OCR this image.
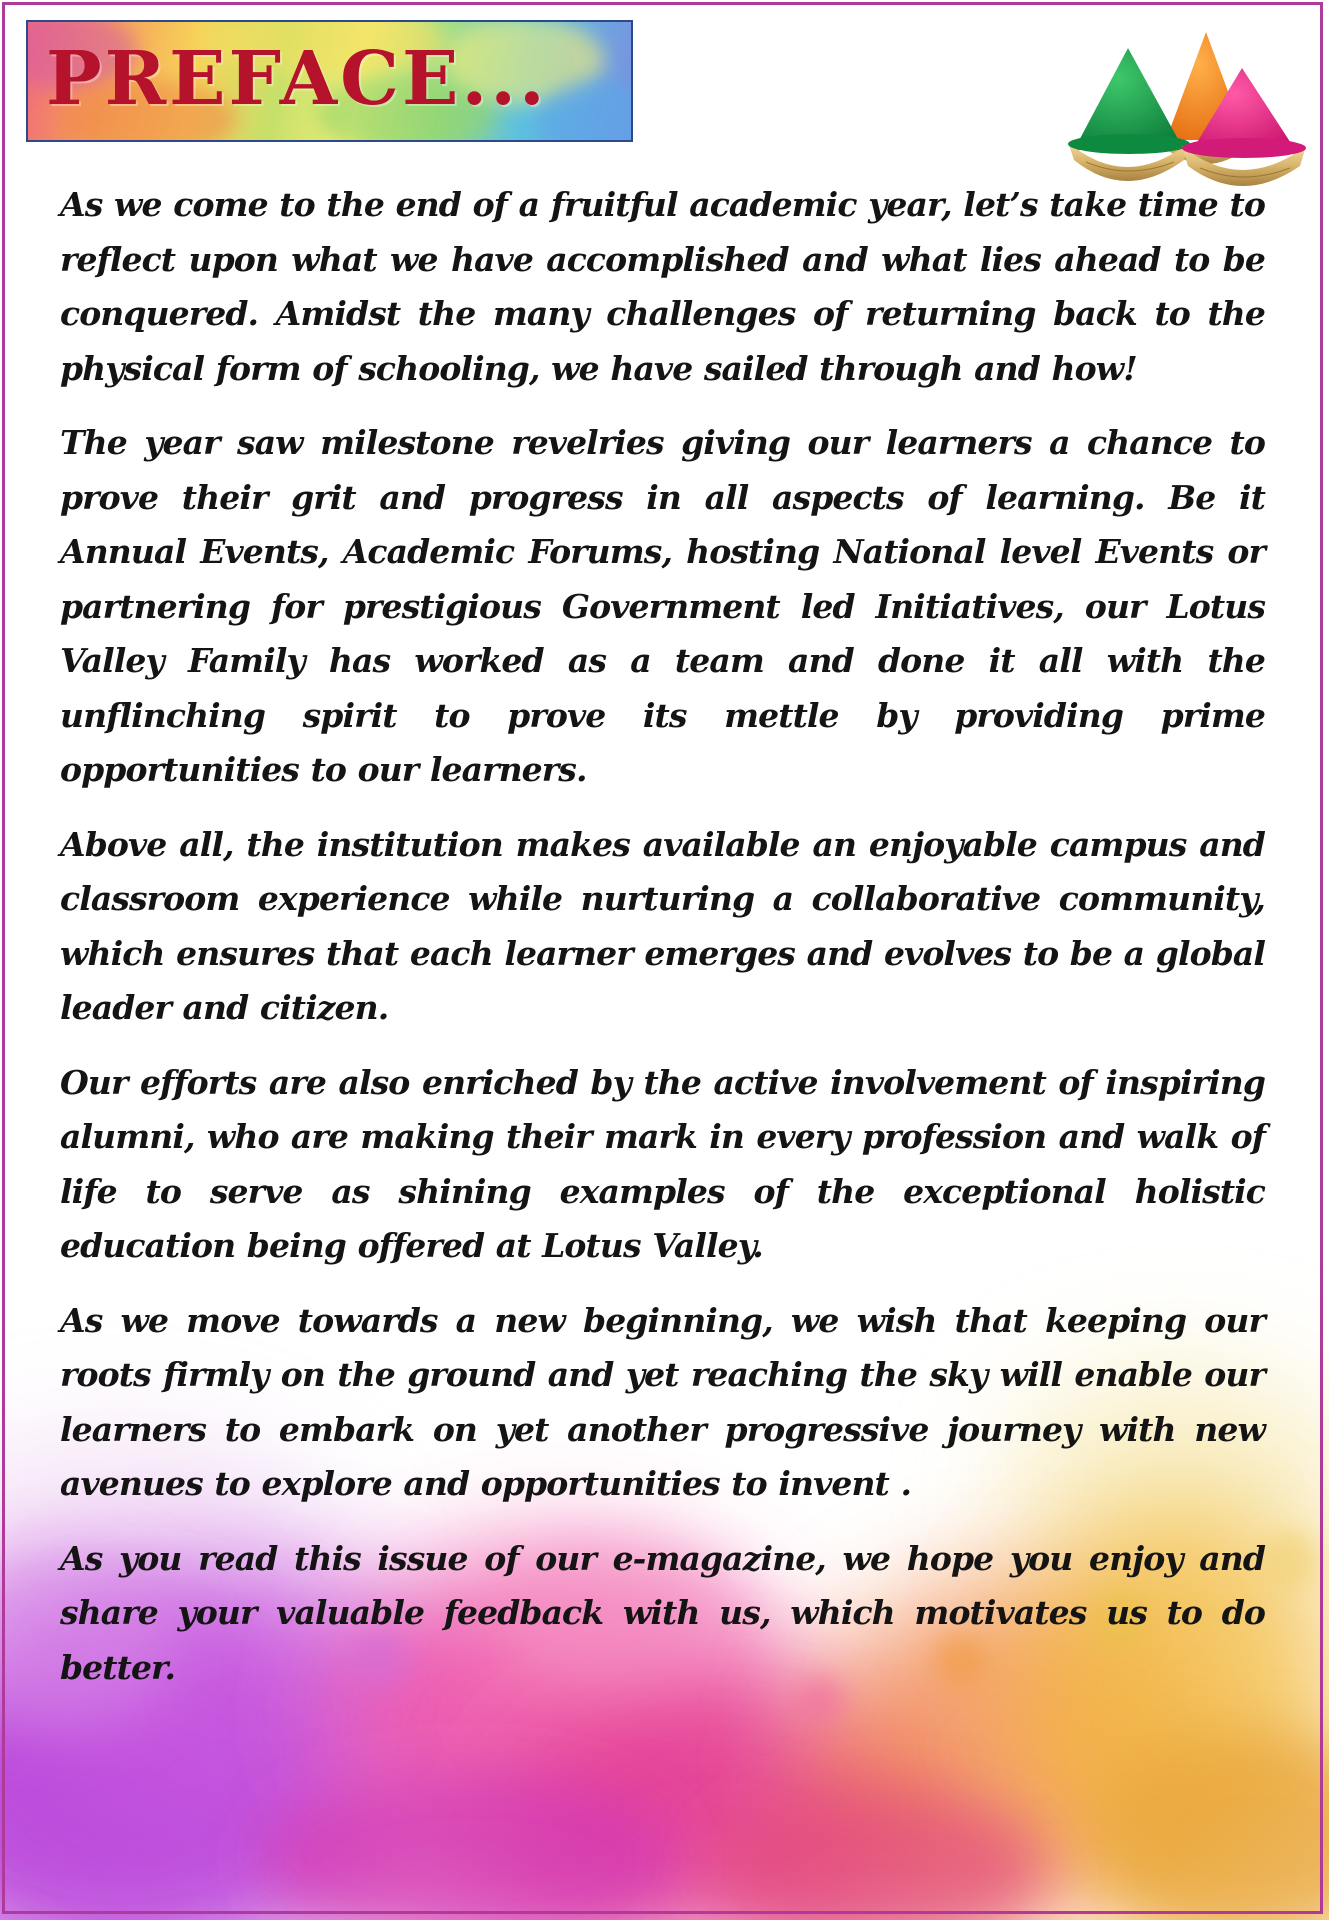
PREFACE...

As we come to the end of a fruitful academic year, let’s take time to reflect upon what we have accomplished and what lies ahead to be conquered. Amidst the many challenges of returning back to the physical form of schooling, we have sailed through and how!

The year saw milestone revelries giving our learners a chance to prove their grit and progress in all aspects of learning. Be it Annual Events, Academic Forums, hosting National level Events or partnering for prestigious Government led Initiatives, our Lotus Valley Family has worked as a team and done it all with the unflinching spirit to prove its mettle by providing prime opportunities to our learners.

Above all, the institution makes available an enjoyable campus and classroom experience while nurturing a collaborative community, which ensures that each learner emerges and evolves to be a global leader and citizen.

Our efforts are also enriched by the active involvement of inspiring alumni, who are making their mark in every profession and walk of life to serve as shining examples of the exceptional holistic education being offered at Lotus Valley.

As we move towards a new beginning, we wish that keeping our roots firmly on the ground and yet reaching the sky will enable our learners to embark on yet another progressive journey with new avenues to explore and opportunities to invent .

As you read this issue of our e-magazine, we hope you enjoy and share your valuable feedback with us, which motivates us to do better.
